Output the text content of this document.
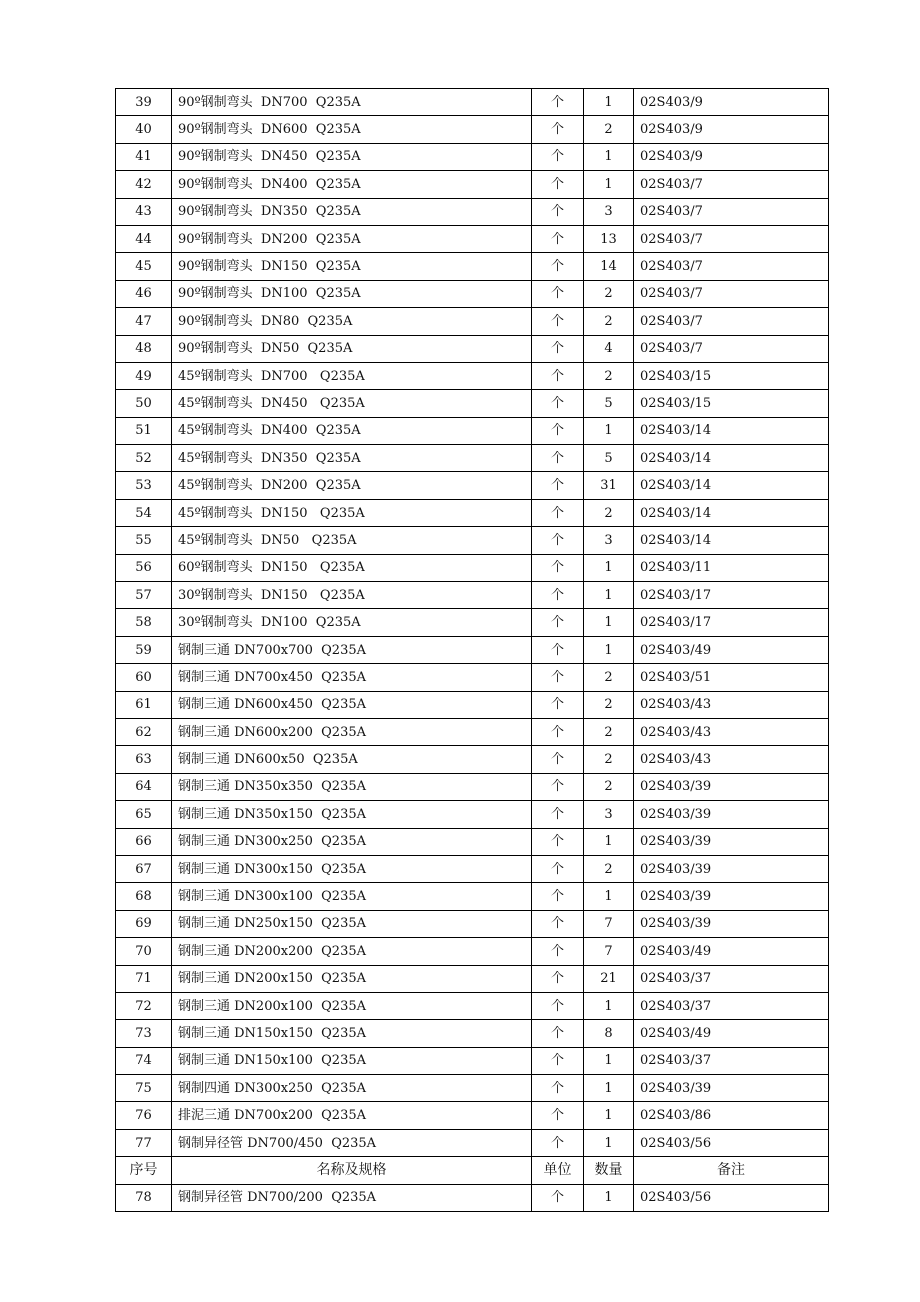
39	90º钢制弯头  DN700  Q235A	个	1	02S403/9
40	90º钢制弯头  DN600  Q235A	个	2	02S403/9
41	90º钢制弯头  DN450  Q235A	个	1	02S403/9
42	90º钢制弯头  DN400  Q235A	个	1	02S403/7
43	90º钢制弯头  DN350  Q235A	个	3	02S403/7
44	90º钢制弯头  DN200  Q235A	个	13	02S403/7
45	90º钢制弯头  DN150  Q235A	个	14	02S403/7
46	90º钢制弯头  DN100  Q235A	个	2	02S403/7
47	90º钢制弯头  DN80  Q235A	个	2	02S403/7
48	90º钢制弯头  DN50  Q235A	个	4	02S403/7
49	45º钢制弯头  DN700   Q235A	个	2	02S403/15
50	45º钢制弯头  DN450   Q235A	个	5	02S403/15
51	45º钢制弯头  DN400  Q235A	个	1	02S403/14
52	45º钢制弯头  DN350  Q235A	个	5	02S403/14
53	45º钢制弯头  DN200  Q235A	个	31	02S403/14
54	45º钢制弯头  DN150   Q235A	个	2	02S403/14
55	45º钢制弯头  DN50   Q235A	个	3	02S403/14
56	60º钢制弯头  DN150   Q235A	个	1	02S403/11
57	30º钢制弯头  DN150   Q235A	个	1	02S403/17
58	30º钢制弯头  DN100  Q235A	个	1	02S403/17
59	钢制三通 DN700x700  Q235A	个	1	02S403/49
60	钢制三通 DN700x450  Q235A	个	2	02S403/51
61	钢制三通 DN600x450  Q235A	个	2	02S403/43
62	钢制三通 DN600x200  Q235A	个	2	02S403/43
63	钢制三通 DN600x50  Q235A	个	2	02S403/43
64	钢制三通 DN350x350  Q235A	个	2	02S403/39
65	钢制三通 DN350x150  Q235A	个	3	02S403/39
66	钢制三通 DN300x250  Q235A	个	1	02S403/39
67	钢制三通 DN300x150  Q235A	个	2	02S403/39
68	钢制三通 DN300x100  Q235A	个	1	02S403/39
69	钢制三通 DN250x150  Q235A	个	7	02S403/39
70	钢制三通 DN200x200  Q235A	个	7	02S403/49
71	钢制三通 DN200x150  Q235A	个	21	02S403/37
72	钢制三通 DN200x100  Q235A	个	1	02S403/37
73	钢制三通 DN150x150  Q235A	个	8	02S403/49
74	钢制三通 DN150x100  Q235A	个	1	02S403/37
75	钢制四通 DN300x250  Q235A	个	1	02S403/39
76	排泥三通 DN700x200  Q235A	个	1	02S403/86
77	钢制异径管 DN700/450  Q235A	个	1	02S403/56
序号	名称及规格	单位	数量	备注
78	钢制异径管 DN700/200  Q235A	个	1	02S403/56
